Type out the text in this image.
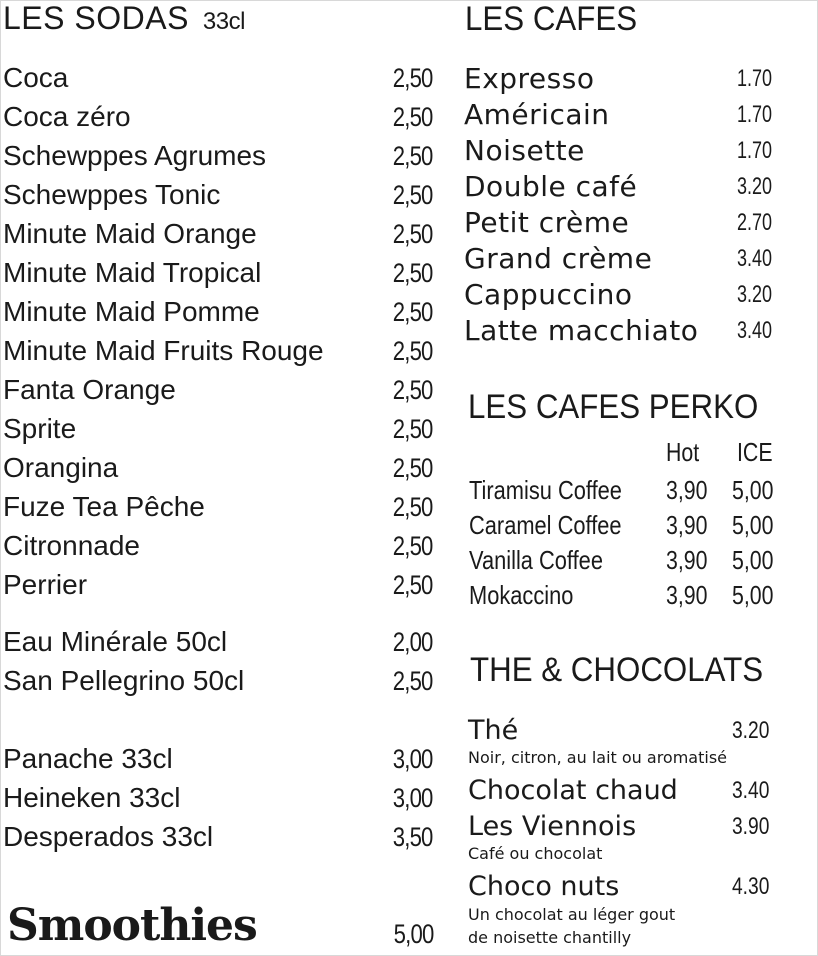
LES SODAS 33cl
Coca	2,50
Coca zéro	2,50
Schewppes Agrumes	2,50
Schewppes Tonic	2,50
Minute Maid Orange	2,50
Minute Maid Tropical	2,50
Minute Maid Pomme	2,50
Minute Maid Fruits Rouge	2,50
Fanta Orange	2,50
Sprite	2,50
Orangina	2,50
Fuze Tea Pêche	2,50
Citronnade	2,50
Perrier	2,50
Eau Minérale 50cl	2,00
San Pellegrino 50cl	2,50
Panache 33cl	3,00
Heineken 33cl	3,00
Desperados 33cl	3,50
Smoothies	5,00
LES CAFES
Expresso	1.70
Américain	1.70
Noisette	1.70
Double café	3.20
Petit crème	2.70
Grand crème	3.40
Cappuccino	3.20
Latte macchiato 3.40
LES CAFES PERKO
Hot ICE
Tiramisu Coffee 3,90 5,00
Caramel Coffee 3,90 5,00
Vanilla Coffee 3,90 5,00
Mokaccino	3,90 5,00
THE & CHOCOLATS
Thé	3.20
Noir, citron, au lait ou aromatisé
Chocolat chaud 3.40
Les Viennois	3.90
Café ou chocolat
Choco nuts	4.30
Un chocolat au léger gout
de noisette chantilly
